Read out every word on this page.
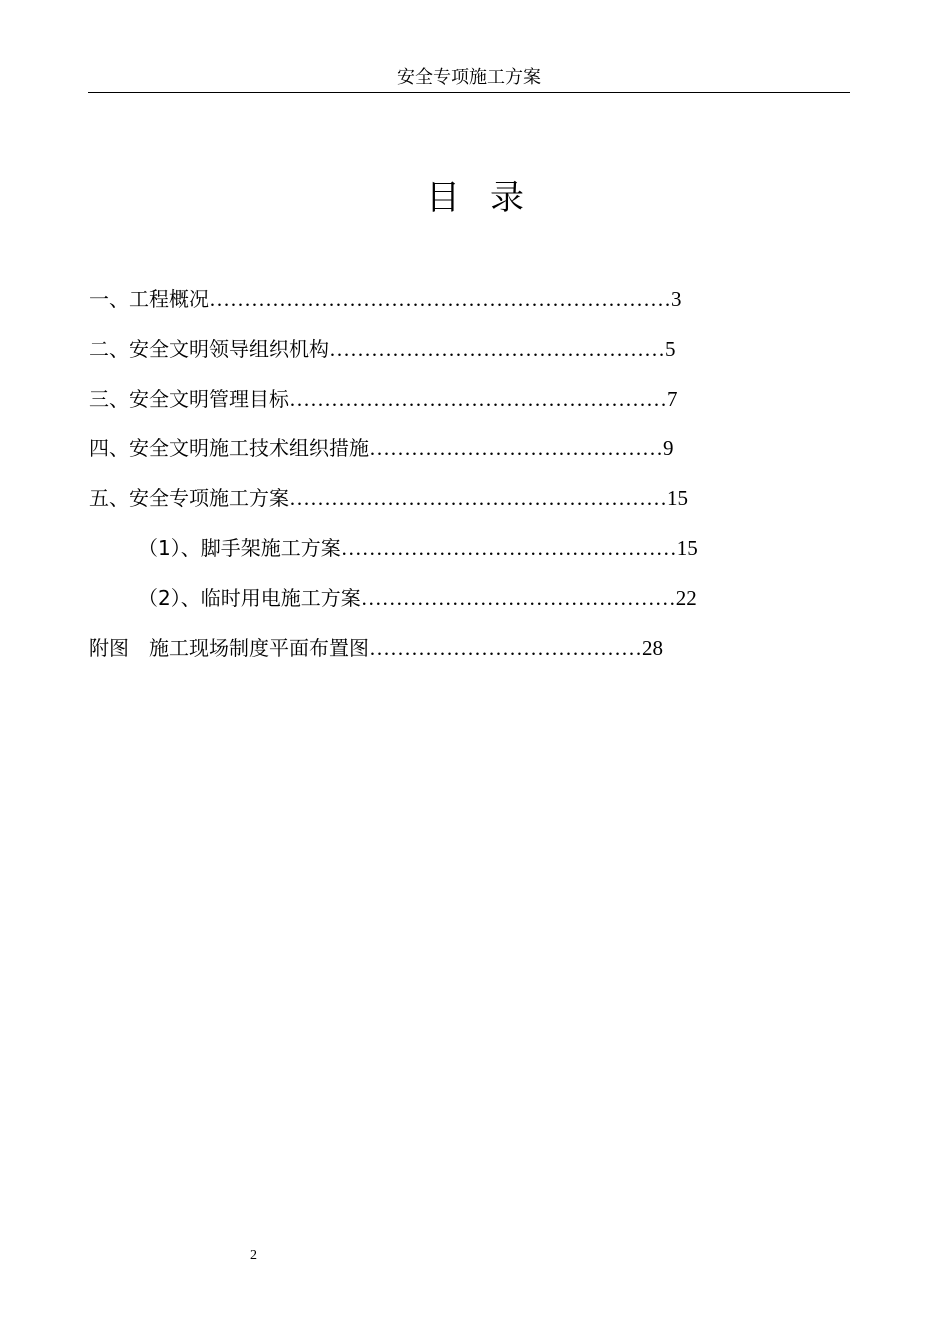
安全专项施工方案
目录
一、工程概况…………………………………………………………3
二、安全文明领导组织机构…………………………………………5
三、安全文明管理目标………………………………………………7
四、安全文明施工技术组织措施……………………………………9
五、安全专项施工方案………………………………………………15
（1）、脚手架施工方案…………………………………………15
（2）、临时用电施工方案………………………………………22
附图　施工现场制度平面布置图…………………………………28
2
